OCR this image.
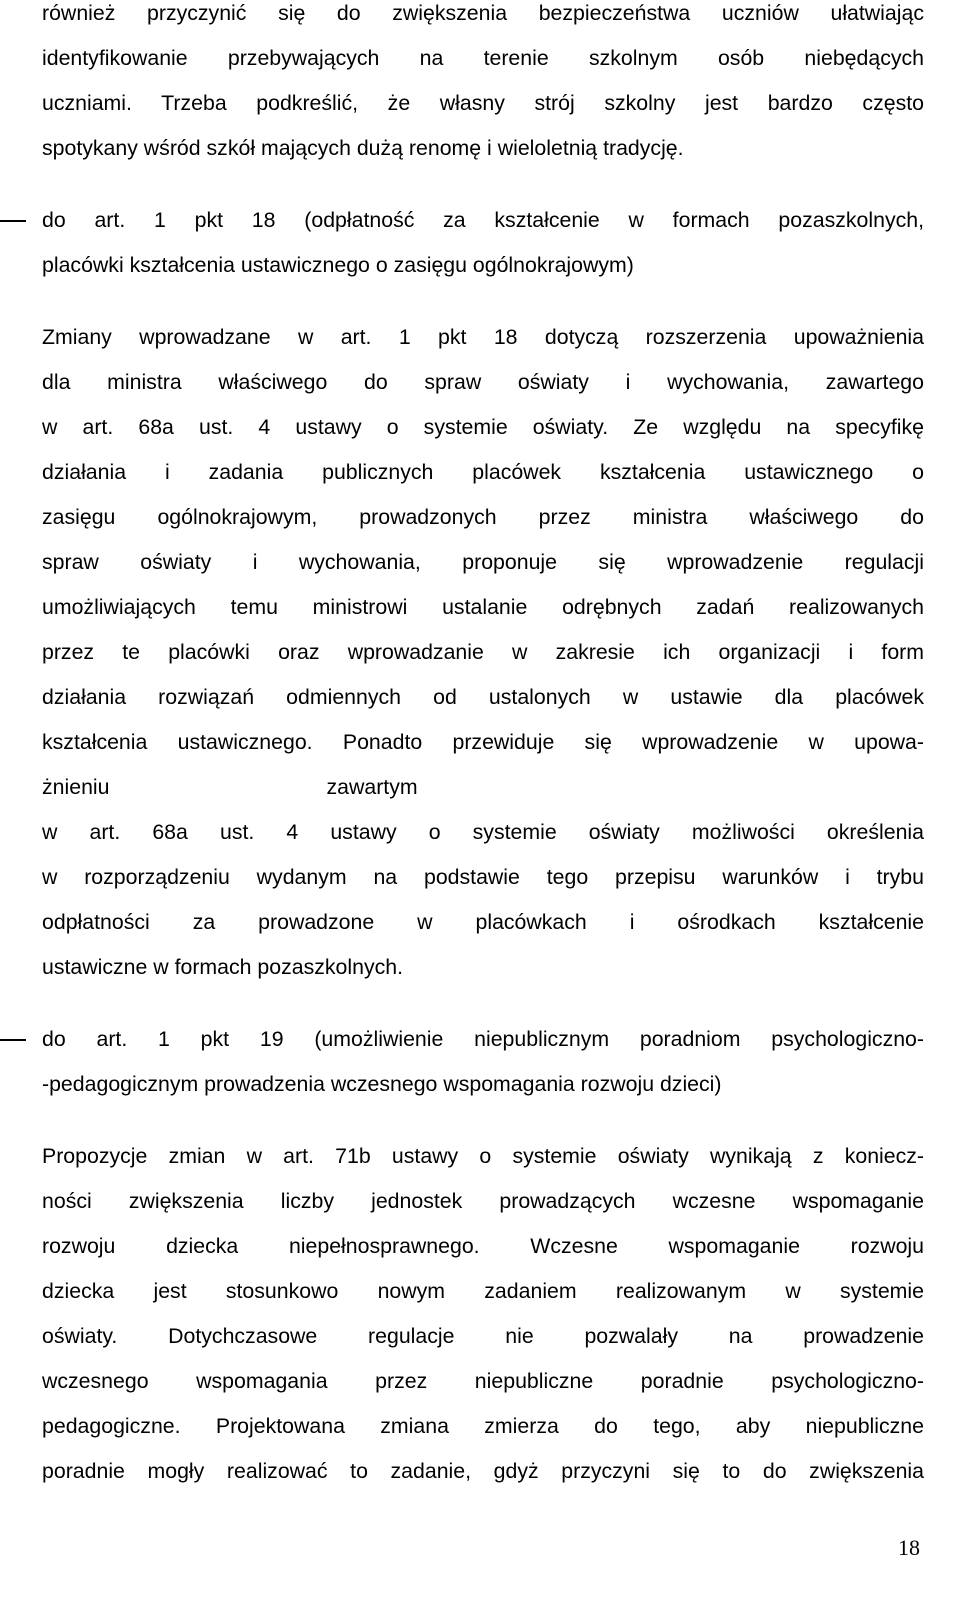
również przyczynić się do zwiększenia bezpieczeństwa uczniów ułatwiając
identyfikowanie przebywających na terenie szkolnym osób niebędących
uczniami. Trzeba podkreślić, że własny strój szkolny jest bardzo często
spotykany wśród szkół mających dużą renomę i wieloletnią tradycję.
do art. 1 pkt 18 (odpłatność za kształcenie w formach pozaszkolnych,
placówki kształcenia ustawicznego o zasięgu ogólnokrajowym)
Zmiany wprowadzane w art. 1 pkt 18 dotyczą rozszerzenia upoważnienia
dla ministra właściwego do spraw oświaty i wychowania, zawartego
w art. 68a ust. 4 ustawy o systemie oświaty. Ze względu na specyfikę
działania i zadania publicznych placówek kształcenia ustawicznego o
zasięgu ogólnokrajowym, prowadzonych przez ministra właściwego do
spraw oświaty i wychowania, proponuje się wprowadzenie regulacji
umożliwiających temu ministrowi ustalanie odrębnych zadań realizowanych
przez te placówki oraz wprowadzanie w zakresie ich organizacji i form
działania rozwiązań odmiennych od ustalonych w ustawie dla placówek
kształcenia ustawicznego. Ponadto przewiduje się wprowadzenie w upowa-
żnieniu	zawartym
w art. 68a ust. 4 ustawy o systemie oświaty możliwości określenia
w rozporządzeniu wydanym na podstawie tego przepisu warunków i trybu
odpłatności za prowadzone w placówkach i ośrodkach kształcenie
ustawiczne w formach pozaszkolnych.
do art. 1 pkt 19 (umożliwienie niepublicznym poradniom psychologiczno-
-pedagogicznym prowadzenia wczesnego wspomagania rozwoju dzieci)
Propozycje zmian w art. 71b ustawy o systemie oświaty wynikają z koniecz-
ności zwiększenia liczby jednostek prowadzących wczesne wspomaganie
rozwoju dziecka niepełnosprawnego. Wczesne wspomaganie rozwoju
dziecka jest stosunkowo nowym zadaniem realizowanym w systemie
oświaty. Dotychczasowe regulacje nie pozwalały na prowadzenie
wczesnego wspomagania przez niepubliczne poradnie psychologiczno-
pedagogiczne. Projektowana zmiana zmierza do tego, aby niepubliczne
poradnie mogły realizować to zadanie, gdyż przyczyni się to do zwiększenia
18
